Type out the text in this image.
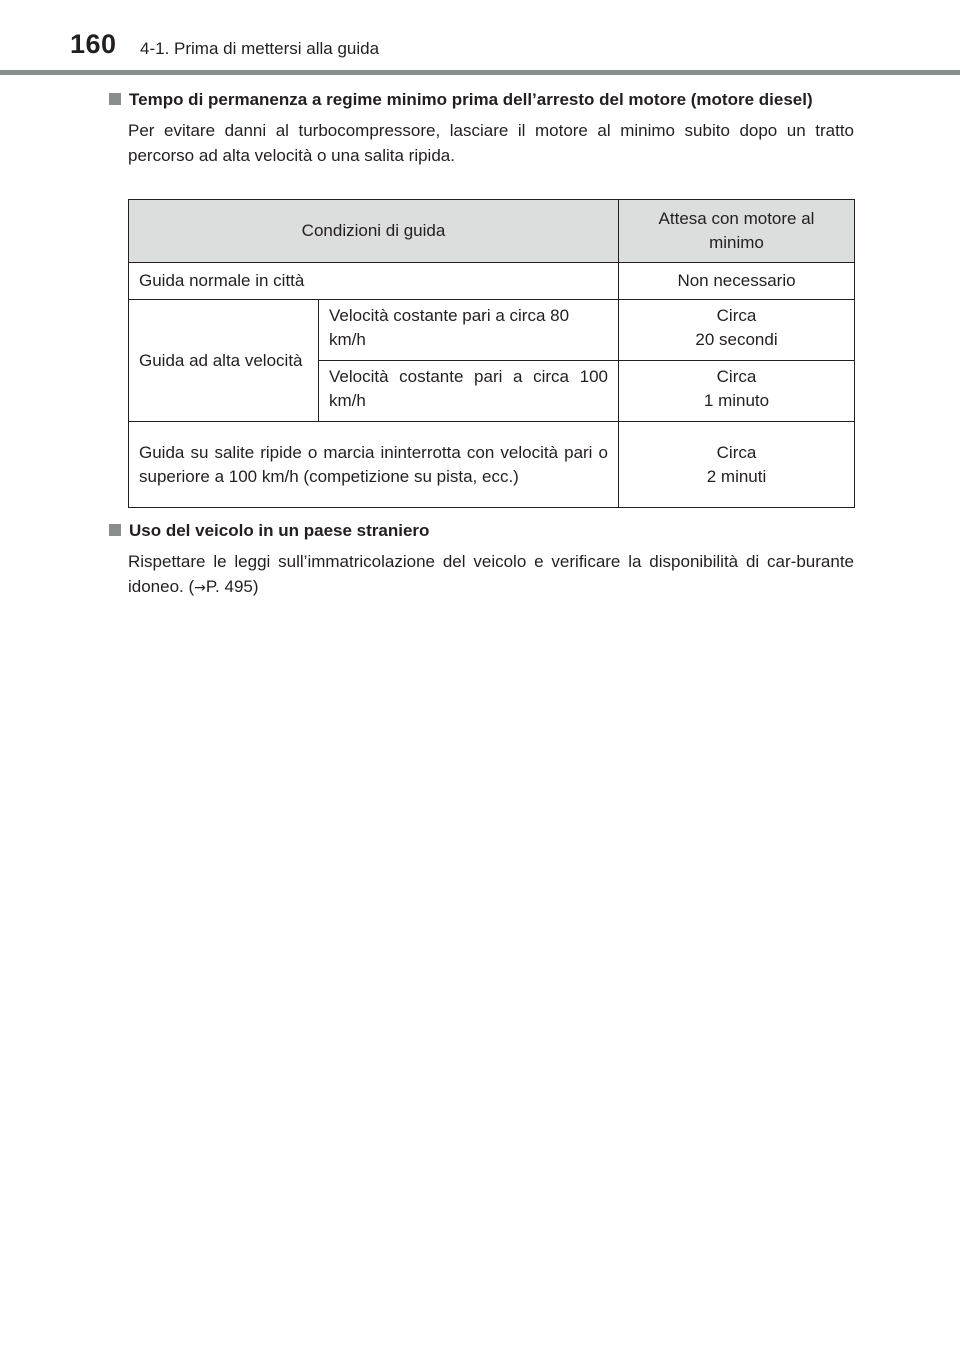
160 4-1. Prima di mettersi alla guida
Tempo di permanenza a regime minimo prima dell’arresto del motore (motore diesel)
Per evitare danni al turbocompressore, lasciare il motore al minimo subito dopo un tratto percorso ad alta velocità o una salita ripida.
Condizioni di guida		Attesa con motore al minimo
Guida normale in città		Non necessario
Guida ad alta velocità	Velocità costante pari a circa 80 km/h	Circa
20 secondi

	Velocità costante pari a circa 100 km/h	Circa
1 minuto

Guida su salite ripide o marcia ininterrotta con velocità pari o superiore a 100 km/h (competizione su pista, ecc.)		Circa
2 minuti
Uso del veicolo in un paese straniero
Rispettare le leggi sull’immatricolazione del veicolo e verificare la disponibilità di car-burante idoneo. (→P. 495)
